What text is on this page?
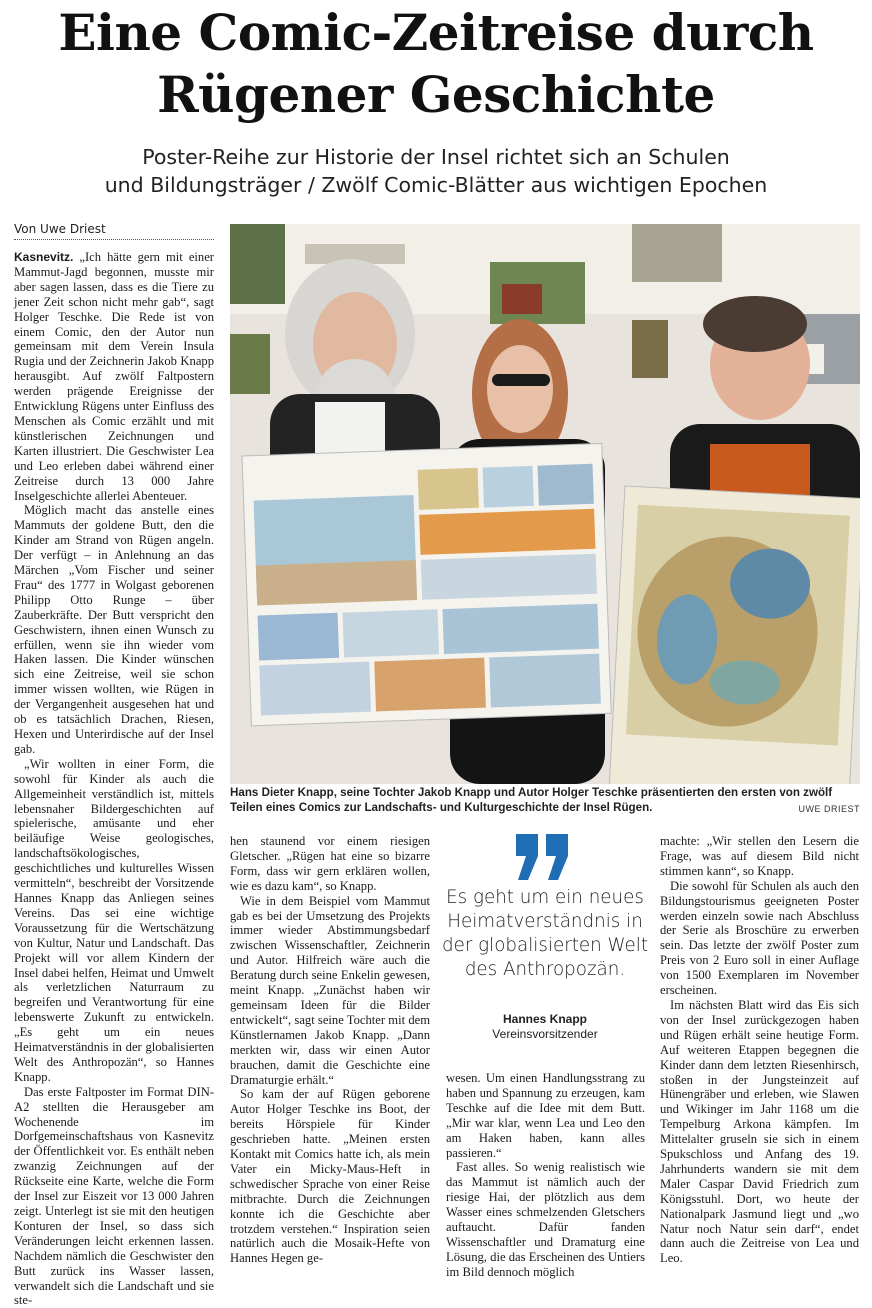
Eine Comic-Zeitreise durch
Rügener Geschichte
Poster-Reihe zur Historie der Insel richtet sich an Schulen
und Bildungsträger / Zwölf Comic-Blätter aus wichtigen Epochen
Von Uwe Driest

Kasnevitz. „Ich hätte gern mit einer Mammut-Jagd begonnen, musste mir aber sagen lassen, dass es die Tiere zu jener Zeit schon nicht mehr gab“, sagt Holger Teschke. Die Rede ist von einem Comic, den der Autor nun gemeinsam mit dem Verein Insula Rugia und der Zeichnerin Jakob Knapp herausgibt. Auf zwölf Faltpostern werden prägende Ereignisse der Entwicklung Rügens unter Einfluss des Menschen als Comic erzählt und mit künstlerischen Zeichnungen und Karten illustriert. Die Geschwister Lea und Leo erleben dabei während einer Zeitreise durch 13 000 Jahre Inselgeschichte allerlei Abenteuer.

Möglich macht das anstelle eines Mammuts der goldene Butt, den die Kinder am Strand von Rügen angeln. Der verfügt – in Anlehnung an das Märchen „Vom Fischer und seiner Frau“ des 1777 in Wolgast geborenen Philipp Otto Runge – über Zauberkräfte. Der Butt verspricht den Geschwistern, ihnen einen Wunsch zu erfüllen, wenn sie ihn wieder vom Haken lassen. Die Kinder wünschen sich eine Zeitreise, weil sie schon immer wissen wollten, wie Rügen in der Vergangenheit ausgesehen hat und ob es tatsächlich Drachen, Riesen, Hexen und Unterirdische auf der Insel gab.

„Wir wollten in einer Form, die sowohl für Kinder als auch die Allgemeinheit verständlich ist, mittels lebensnaher Bildergeschichten auf spielerische, amüsante und eher beiläufige Weise geologisches, landschaftsökologisches, geschichtliches und kulturelles Wissen vermitteln“, beschreibt der Vorsitzende Hannes Knapp das Anliegen seines Vereins. Das sei eine wichtige Voraussetzung für die Wertschätzung von Kultur, Natur und Landschaft. Das Projekt will vor allem Kindern der Insel dabei helfen, Heimat und Umwelt als verletzlichen Naturraum zu begreifen und Verantwortung für eine lebenswerte Zukunft zu entwickeln. „Es geht um ein neues Heimatverständnis in der globalisierten Welt des Anthropozän“, so Hannes Knapp.

Das erste Faltposter im Format DIN-A2 stellten die Herausgeber am Wochenende im Dorfgemeinschaftshaus von Kasnevitz der Öffentlichkeit vor. Es enthält neben zwanzig Zeichnungen auf der Rückseite eine Karte, welche die Form der Insel zur Eiszeit vor 13 000 Jahren zeigt. Unterlegt ist sie mit den heutigen Konturen der Insel, so dass sich Veränderungen leicht erkennen lassen. Nachdem nämlich die Geschwister den Butt zurück ins Wasser lassen, verwandelt sich die Landschaft und sie ste-

Hans Dieter Knapp, seine Tochter Jakob Knapp und Autor Holger Teschke präsentierten den ersten von zwölf Teilen eines Comics zur Landschafts- und Kulturgeschichte der Insel Rügen.	UWE DRIEST

hen staunend vor einem riesigen Gletscher. „Rügen hat eine so bizarre Form, dass wir gern erklären wollen, wie es dazu kam“, so Knapp.

Wie in dem Beispiel vom Mammut gab es bei der Umsetzung des Projekts immer wieder Abstimmungsbedarf zwischen Wissenschaftler, Zeichnerin und Autor. Hilfreich wäre auch die Beratung durch seine Enkelin gewesen, meint Knapp. „Zunächst haben wir gemeinsam Ideen für die Bilder entwickelt“, sagt seine Tochter mit dem Künstlernamen Jakob Knapp. „Dann merkten wir, dass wir einen Autor brauchen, damit die Geschichte eine Dramaturgie erhält.“

So kam der auf Rügen geborene Autor Holger Teschke ins Boot, der bereits Hörspiele für Kinder geschrieben hatte. „Meinen ersten Kontakt mit Comics hatte ich, als mein Vater ein Micky-Maus-Heft in schwedischer Sprache von einer Reise mitbrachte. Durch die Zeichnungen konnte ich die Geschichte aber trotzdem verstehen.“ Inspiration seien natürlich auch die Mosaik-Hefte von Hannes Hegen ge-

Es geht um ein neues Heimatverständnis in der globalisierten Welt des Anthropozän.
Hannes Knapp
Vereinsvorsitzender

wesen. Um einen Handlungsstrang zu haben und Spannung zu erzeugen, kam Teschke auf die Idee mit dem Butt. „Mir war klar, wenn Lea und Leo den am Haken haben, kann alles passieren.“

Fast alles. So wenig realistisch wie das Mammut ist nämlich auch der riesige Hai, der plötzlich aus dem Wasser eines schmelzenden Gletschers auftaucht. Dafür fanden Wissenschaftler und Dramaturg eine Lösung, die das Erscheinen des Untiers im Bild dennoch möglich

machte: „Wir stellen den Lesern die Frage, was auf diesem Bild nicht stimmen kann“, so Knapp.

Die sowohl für Schulen als auch den Bildungstourismus geeigneten Poster werden einzeln sowie nach Abschluss der Serie als Broschüre zu erwerben sein. Das letzte der zwölf Poster zum Preis von 2 Euro soll in einer Auflage von 1500 Exemplaren im November erscheinen.

Im nächsten Blatt wird das Eis sich von der Insel zurückgezogen haben und Rügen erhält seine heutige Form. Auf weiteren Etappen begegnen die Kinder dann dem letzten Riesenhirsch, stoßen in der Jungsteinzeit auf Hünengräber und erleben, wie Slawen und Wikinger im Jahr 1168 um die Tempelburg Arkona kämpfen. Im Mittelalter gruseln sie sich in einem Spukschloss und Anfang des 19. Jahrhunderts wandern sie mit dem Maler Caspar David Friedrich zum Königsstuhl. Dort, wo heute der Nationalpark Jasmund liegt und „wo Natur noch Natur sein darf“, endet dann auch die Zeitreise von Lea und Leo.
